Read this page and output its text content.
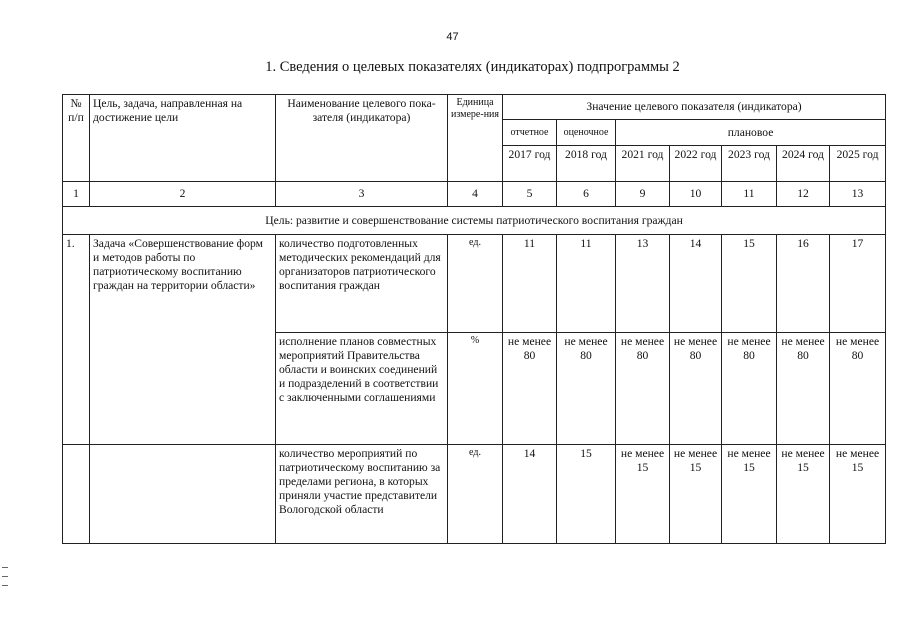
47
1. Сведения о целевых показателях (индикаторах) подпрограммы 2
№ п/п	Цель, задача, направленная на достижение цели	Наименование целевого пока-зателя (индикатора)	Единица измере-ния	Значение целевого показателя (индикатора)						
				отчетное	оценочное	плановое				
				2017 год	2018 год	2021 год	2022 год	2023 год	2024 год	2025 год
1	2	3	4	5	6	9	10	11	12	13
Цель: развитие и совершенствование системы патриотического воспитания граждан										
1.	Задача «Совершенствование форм и методов работы по патриотическому воспитанию граждан на территории области»	количество подготовленных методических рекомендаций для организаторов патриотического воспитания граждан	ед.	11	11	13	14	15	16	17
		исполнение планов совместных мероприятий Правительства области и воинских соединений и подразделений в соответствии с заключенными соглашениями	%	не менее 80	не менее 80	не менее 80	не менее 80	не менее 80	не менее 80	не менее 80
		количество мероприятий по патриотическому воспитанию за пределами региона, в которых приняли участие представители Вологодской области	ед.	14	15	не менее 15	не менее 15	не менее 15	не менее 15	не менее 15
